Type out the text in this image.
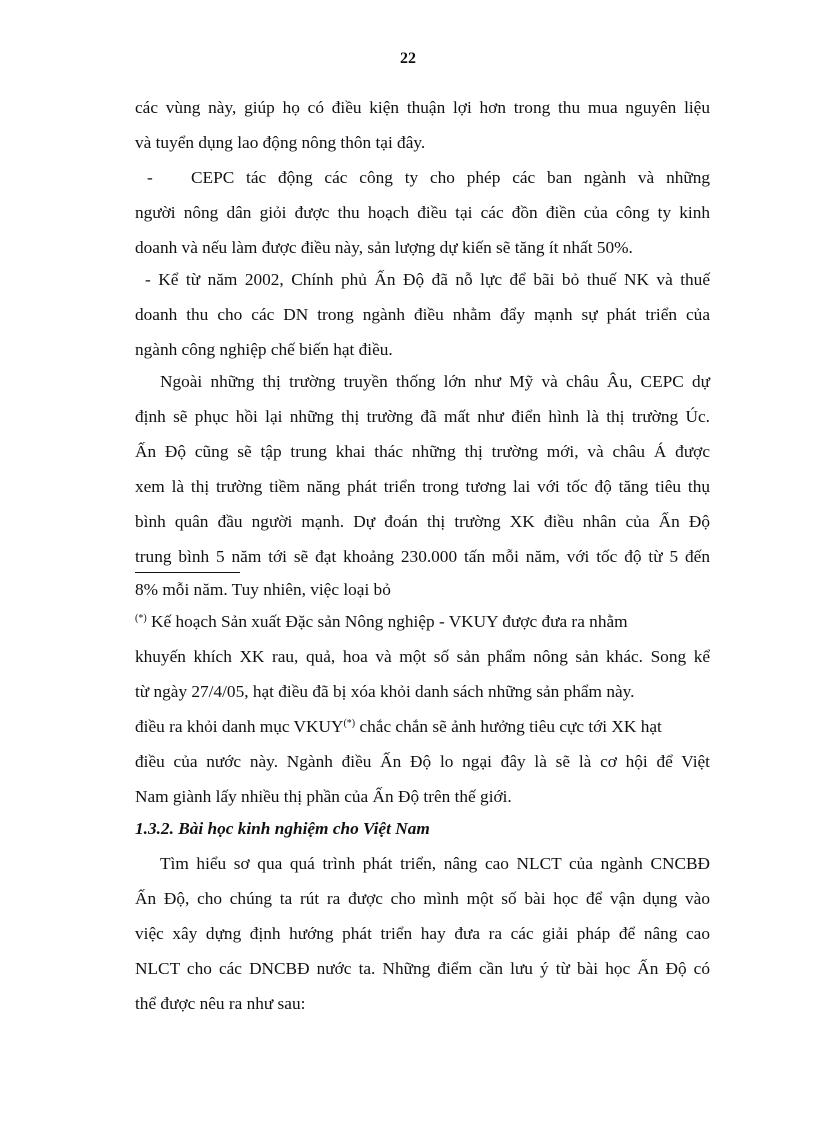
22
các vùng này, giúp họ có điều kiện thuận lợi hơn trong thu mua nguyên liệu
và tuyển dụng lao động nông thôn tại đây.
-	CEPC tác động các công ty cho phép các ban ngành và những
người nông dân giỏi được thu hoạch điều tại các đồn điền của công ty kinh
doanh và nếu làm được điều này, sản lượng dự kiến sẽ tăng ít nhất 50%.
- Kể từ năm 2002, Chính phủ Ấn Độ đã nỗ lực để bãi bỏ thuế NK và thuế
doanh thu cho các DN trong ngành điều nhằm đẩy mạnh sự phát triển của
ngành công nghiệp chế biến hạt điều.
Ngoài những thị trường truyền thống lớn như Mỹ và châu Âu, CEPC dự
định sẽ phục hồi lại những thị trường đã mất như điển hình là thị trường Úc.
Ấn Độ cũng sẽ tập trung khai thác những thị trường mới, và châu Á được
xem là thị trường tiềm năng phát triển trong tương lai với tốc độ tăng tiêu thụ
bình quân đầu người mạnh. Dự đoán thị trường XK điều nhân của Ấn Độ
trung bình 5 năm tới sẽ đạt khoảng 230.000 tấn mỗi năm, với tốc độ từ 5 đến
8% mỗi năm. Tuy nhiên, việc loại bỏ
(*) Kế hoạch Sản xuất Đặc sản Nông nghiệp - VKUY được đưa ra nhằm
khuyến khích XK rau, quả, hoa và một số sản phẩm nông sản khác. Song kể
từ ngày 27/4/05, hạt điều đã bị xóa khỏi danh sách những sản phẩm này.
điều ra khỏi danh mục VKUY(*) chắc chắn sẽ ảnh hưởng tiêu cực tới XK hạt
điều của nước này. Ngành điều Ấn Độ lo ngại đây là sẽ là cơ hội để Việt
Nam giành lấy nhiều thị phần của Ấn Độ trên thế giới.
1.3.2. Bài học kinh nghiệm cho Việt Nam
Tìm hiểu sơ qua quá trình phát triển, nâng cao NLCT của ngành CNCBĐ
Ấn Độ, cho chúng ta rút ra được cho mình một số bài học để vận dụng vào
việc xây dựng định hướng phát triển hay đưa ra các giải pháp để nâng cao
NLCT cho các DNCBĐ nước ta. Những điểm cần lưu ý từ bài học Ấn Độ có
thể được nêu ra như sau:
